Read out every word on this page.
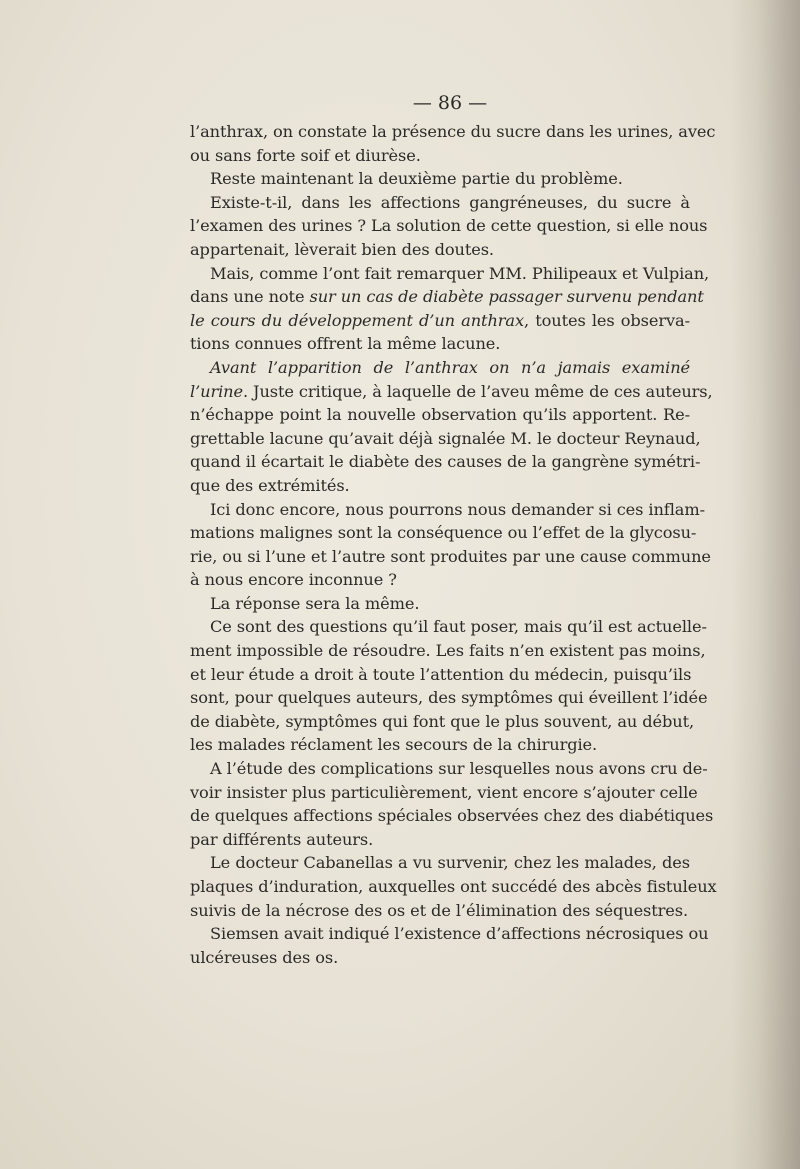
— 86 —

l’anthrax, on constate la présence du sucre dans les urines, avec

ou sans forte soif et diurèse.

Reste maintenant la deuxième partie du problème.

Existe-t-il, dans les affections gangréneuses, du sucre à

l’examen des urines ? La solution de cette question, si elle nous

appartenait, lèverait bien des doutes.

Mais, comme l’ont fait remarquer MM. Philipeaux et Vulpian,

dans une note sur un cas de diabète passager survenu pendant

le cours du développement d’un anthrax, toutes les observa-

tions connues offrent la même lacune.

Avant l’apparition de l’anthrax on n’a jamais examiné

l’urine. Juste critique, à laquelle de l’aveu même de ces auteurs,

n’échappe point la nouvelle observation qu’ils apportent. Re-

grettable lacune qu’avait déjà signalée M. le docteur Reynaud,

quand il écartait le diabète des causes de la gangrène symétri-

que des extrémités.

Ici donc encore, nous pourrons nous demander si ces inflam-

mations malignes sont la conséquence ou l’effet de la glycosu-

rie, ou si l’une et l’autre sont produites par une cause commune

à nous encore inconnue ?

La réponse sera la même.

Ce sont des questions qu’il faut poser, mais qu’il est actuelle-

ment impossible de résoudre. Les faits n’en existent pas moins,

et leur étude a droit à toute l’attention du médecin, puisqu’ils

sont, pour quelques auteurs, des symptômes qui éveillent l’idée

de diabète, symptômes qui font que le plus souvent, au début,

les malades réclament les secours de la chirurgie.

A l’étude des complications sur lesquelles nous avons cru de-

voir insister plus particulièrement, vient encore s’ajouter celle

de quelques affections spéciales observées chez des diabétiques

par différents auteurs.

Le docteur Cabanellas a vu survenir, chez les malades, des

plaques d’induration, auxquelles ont succédé des abcès fistuleux

suivis de la nécrose des os et de l’élimination des séquestres.

Siemsen avait indiqué l’existence d’affections nécrosiques ou

ulcéreuses des os.
